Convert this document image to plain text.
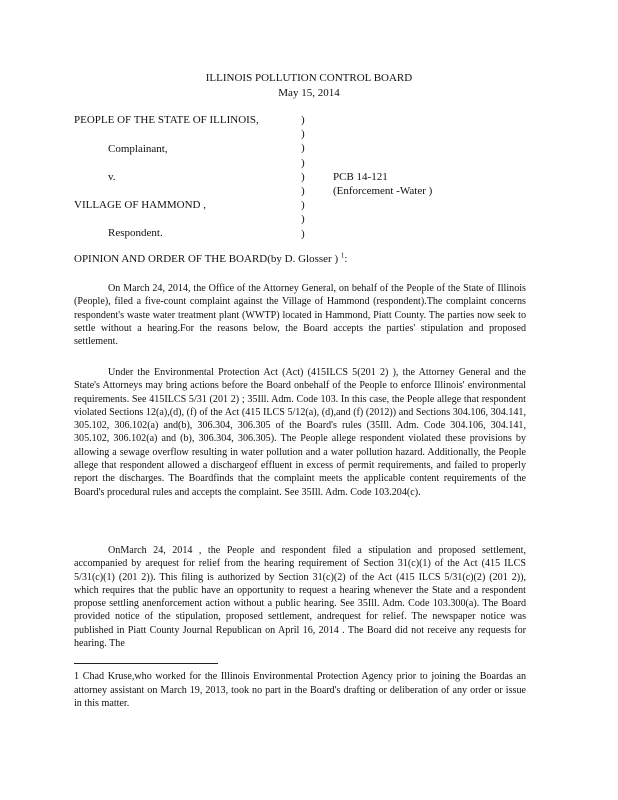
ILLINOIS POLLUTION CONTROL BOARD
May 15, 2014
PEOPLE OF THE STATE OF ILLINOIS,
Complainant,
v.	PCB 14-121
(Enforcement -Water )
VILLAGE OF HAMMOND ,
Respondent.
)
)
)
)
)
)
)
)
)
OPINION AND ORDER OF THE BOARD(by D. Glosser ) $^1$:

On March 24, 2014, the Office of the Attorney General, on behalf of the People of the State of Illinois (People), filed a five-count complaint against the Village of Hammond (respondent).The complaint concerns respondent's waste water treatment plant (WWTP) located in Hammond, Piatt County. The parties now seek to settle without a hearing.For the reasons below, the Board accepts the parties' stipulation and proposed settlement.

Under the Environmental Protection Act (Act) (415ILCS 5(201 2) ), the Attorney General and the State's Attorneys may bring actions before the Board onbehalf of the People to enforce Illinois' environmental requirements. See 415ILCS 5/31 (201 2) ; 35Ill. Adm. Code 103. In this case, the People allege that respondent violated Sections 12(a),(d), (f) of the Act (415 ILCS 5/12(a), (d),and (f) (2012)) and Sections 304.106, 304.141, 305.102, 306.102(a) and(b), 306.304, 306.305 of the Board's rules (35Ill. Adm. Code 304.106, 304.141, 305.102, 306.102(a) and (b), 306.304, 306.305). The People allege respondent violated these provisions by allowing a sewage overflow resulting in water pollution and a water pollution hazard. Additionally, the People allege that respondent allowed a dischargeof effluent in excess of permit requirements, and failed to properly report the discharges. The Boardfinds that the complaint meets the applicable content requirements of the Board's procedural rules and accepts the complaint. See 35Ill. Adm. Code 103.204(c).

OnMarch 24, 2014 , the People and respondent filed a stipulation and proposed settlement, accompanied by arequest for relief from the hearing requirement of Section 31(c)(1) of the Act (415 ILCS 5/31(c)(1) (201 2)). This filing is authorized by Section 31(c)(2) of the Act (415 ILCS 5/31(c)(2) (201 2)), which requires that the public have an opportunity to request a hearing whenever the State and a respondent propose settling anenforcement action without a public hearing. See 35Ill. Adm. Code 103.300(a). The Board provided notice of the stipulation, proposed settlement, andrequest for relief. The newspaper notice was published in Piatt County Journal Republican on April 16, 2014 . The Board did not receive any requests for hearing. The

1 Chad Kruse,who worked for the Illinois Environmental Protection Agency prior to joining the Boardas an attorney assistant on March 19, 2013, took no part in the Board's drafting or deliberation of any order or issue in this matter.
